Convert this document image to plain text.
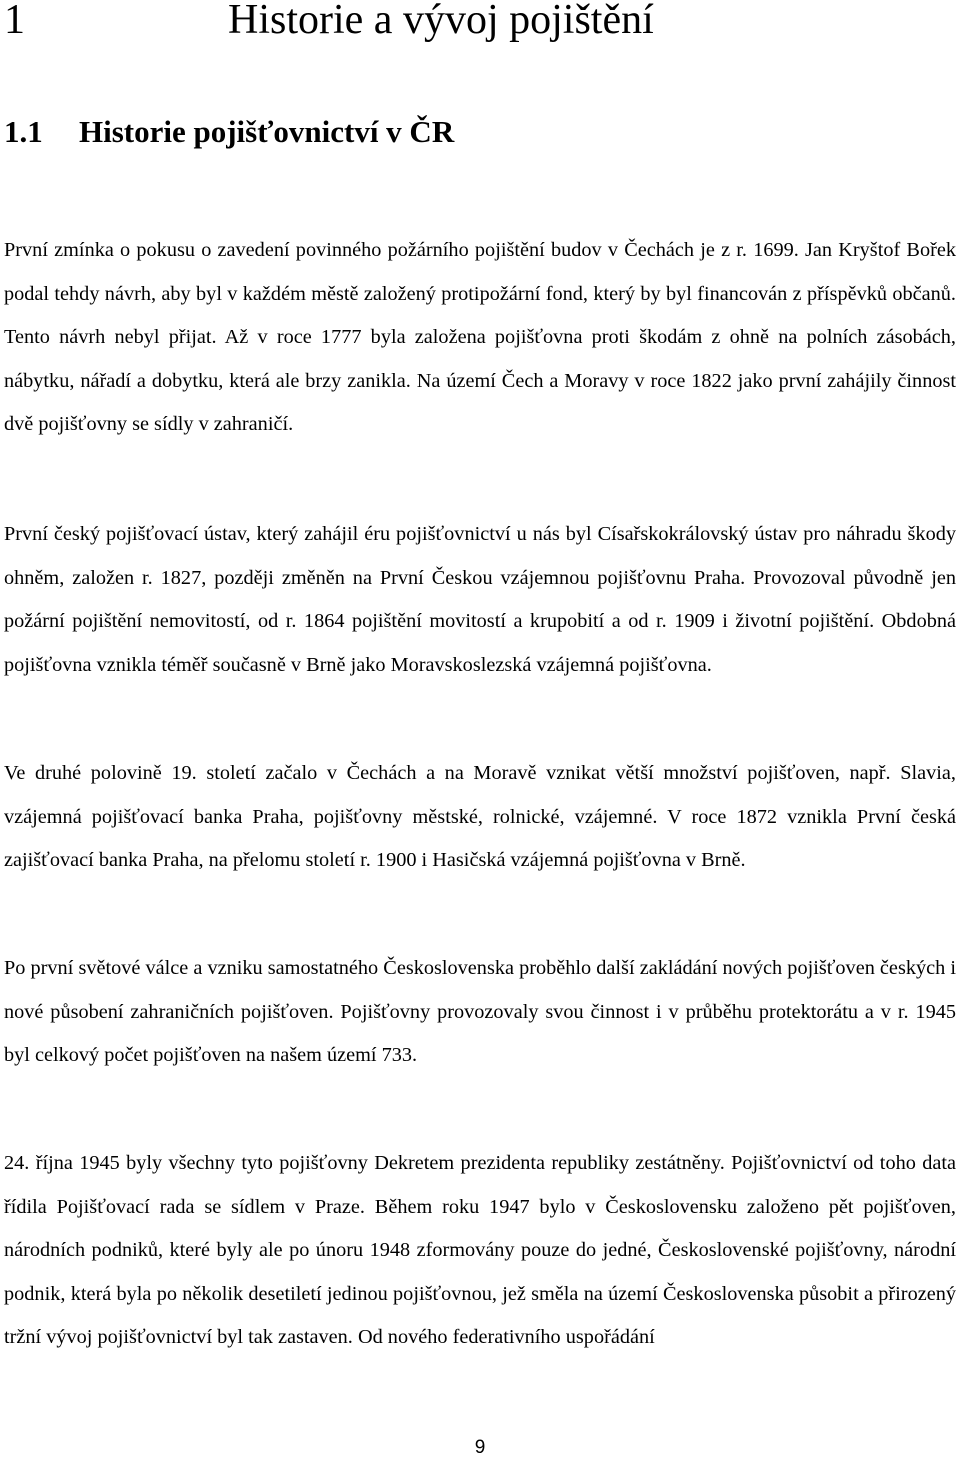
1	Historie a vývoj pojištění
1.1 Historie pojišťovnictví v ČR

První zmínka o pokusu o zavedení povinného požárního pojištění budov v Čechách je z r. 1699. Jan Kryštof Bořek podal tehdy návrh, aby byl v každém městě založený protipožární fond, který by byl financován z příspěvků občanů. Tento návrh nebyl přijat. Až v roce 1777 byla založena pojišťovna proti škodám z ohně na polních zásobách, nábytku, nářadí a dobytku, která ale brzy zanikla. Na území Čech a Moravy v roce 1822 jako první zahájily činnost dvě pojišťovny se sídly v zahraničí.

První český pojišťovací ústav, který zahájil éru pojišťovnictví u nás byl Císařskokrálovský ústav pro náhradu škody ohněm, založen r. 1827, později změněn na První Českou vzájemnou pojišťovnu Praha. Provozoval původně jen požární pojištění nemovitostí, od r. 1864 pojištění movitostí a krupobití a od r. 1909 i životní pojištění. Obdobná pojišťovna vznikla téměř současně v Brně jako Moravskoslezská vzájemná pojišťovna.

Ve druhé polovině 19. století začalo v Čechách a na Moravě vznikat větší množství pojišťoven, např. Slavia, vzájemná pojišťovací banka Praha, pojišťovny městské, rolnické, vzájemné. V roce 1872 vznikla První česká zajišťovací banka Praha, na přelomu století r. 1900 i Hasičská vzájemná pojišťovna v Brně.

Po první světové válce a vzniku samostatného Československa proběhlo další zakládání nových pojišťoven českých i nové působení zahraničních pojišťoven. Pojišťovny provozovaly svou činnost i v průběhu protektorátu a v r. 1945 byl celkový počet pojišťoven na našem území 733.

24. října 1945 byly všechny tyto pojišťovny Dekretem prezidenta republiky zestátněny. Pojišťovnictví od toho data řídila Pojišťovací rada se sídlem v Praze. Během roku 1947 bylo v Československu založeno pět pojišťoven, národních podniků, které byly ale po únoru 1948 zformovány pouze do jedné, Československé pojišťovny, národní podnik, která byla po několik desetiletí jedinou pojišťovnou, jež směla na území Československa působit a přirozený tržní vývoj pojišťovnictví byl tak zastaven. Od nového federativního uspořádání

9
